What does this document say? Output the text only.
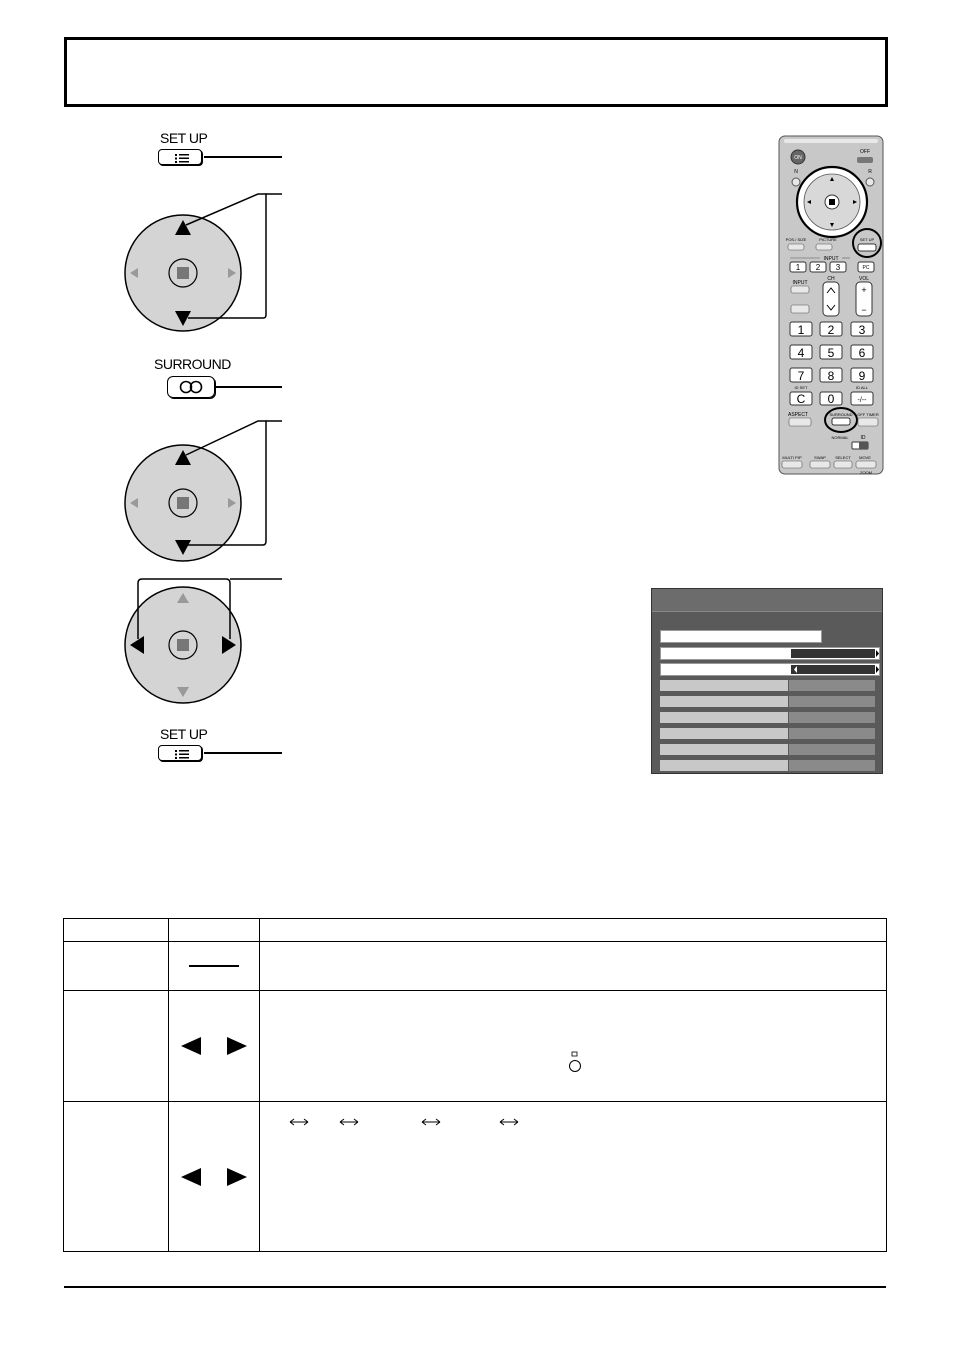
SET UP
SURROUND
SET UP
ON
OFF
N	R
POS./ SIZE	PICTURE	SET UP
INPUT
1 2 3	PC
INPUT
CH	VOL
+
−
1 2 3
4 5 6
7 8 9
C 0	-/--
ID SET	ID ALL
ASPECT	SURROUND OFF TIMER
NORMAL ID
MULTI PIP	SWAP SELECT MOVE
ZOOM
